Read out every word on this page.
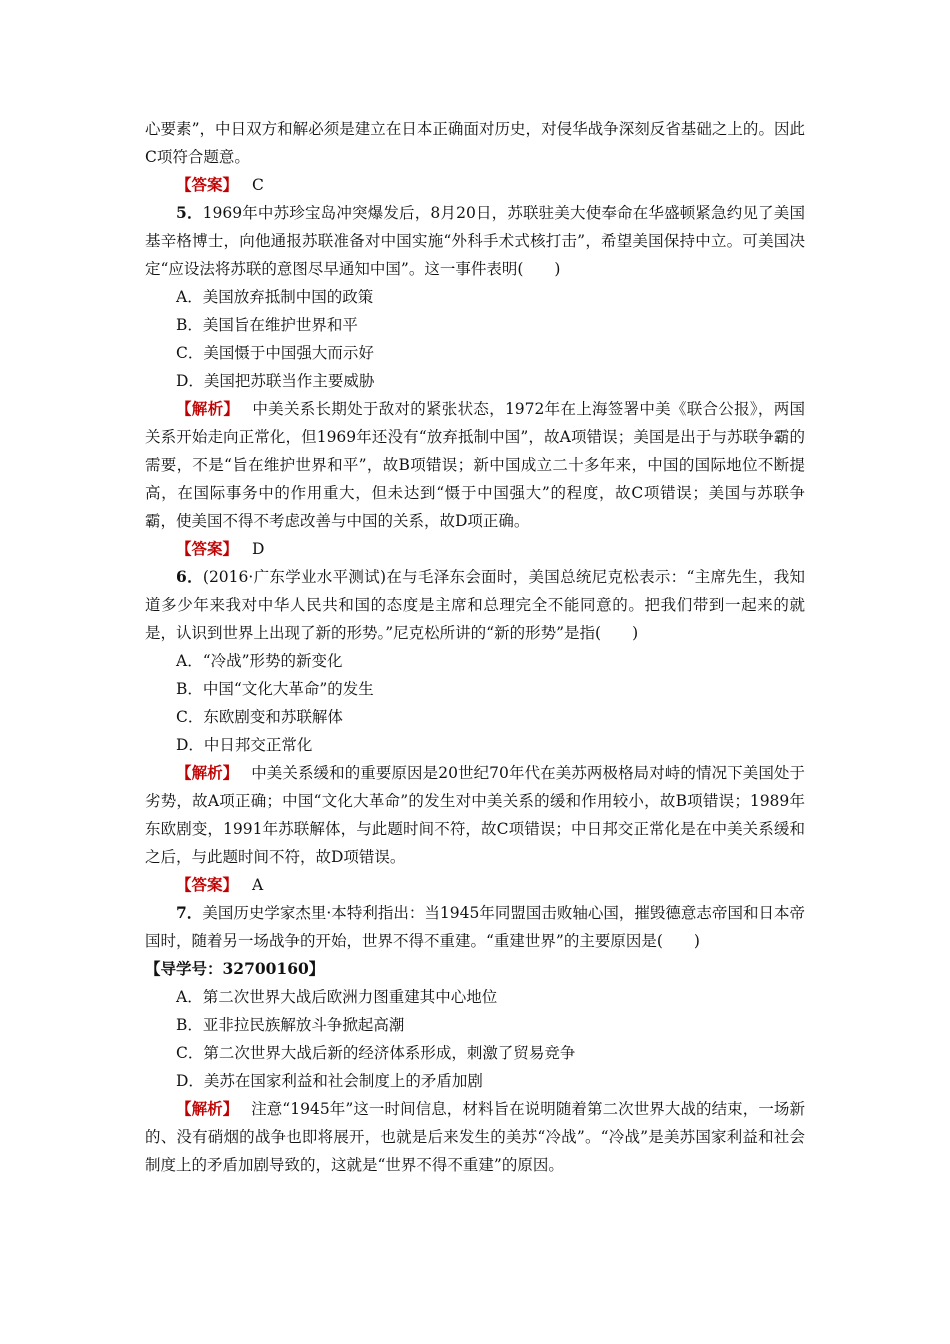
心要素”，中日双方和解必须是建立在日本正确面对历史，对侵华战争深刻反省基础之上的。因此C项符合题意。

【答案】 C

5．1969年中苏珍宝岛冲突爆发后，8月20日，苏联驻美大使奉命在华盛顿紧急约见了美国基辛格博士，向他通报苏联准备对中国实施“外科手术式核打击”，希望美国保持中立。可美国决定“应设法将苏联的意图尽早通知中国”。这一事件表明(　　)

A．美国放弃抵制中国的政策

B．美国旨在维护世界和平

C．美国慑于中国强大而示好

D．美国把苏联当作主要威胁

【解析】　 中美关系长期处于敌对的紧张状态，1972年在上海签署中美《联合公报》，两国关系开始走向正常化，但1969年还没有“放弃抵制中国”，故A项错误；美国是出于与苏联争霸的需要，不是“旨在维护世界和平”，故B项错误；新中国成立二十多年来，中国的国际地位不断提高，在国际事务中的作用重大，但未达到“慑于中国强大”的程度，故C项错误；美国与苏联争霸，使美国不得不考虑改善与中国的关系，故D项正确。

【答案】 D

6．(2016·广东学业水平测试)在与毛泽东会面时，美国总统尼克松表示：“主席先生，我知道多少年来我对中华人民共和国的态度是主席和总理完全不能同意的。把我们带到一起来的就是，认识到世界上出现了新的形势。”尼克松所讲的“新的形势”是指(　　)

A．“冷战”形势的新变化

B．中国“文化大革命”的发生

C．东欧剧变和苏联解体

D．中日邦交正常化

【解析】　 中美关系缓和的重要原因是20世纪70年代在美苏两极格局对峙的情况下美国处于劣势，故A项正确；中国“文化大革命”的发生对中美关系的缓和作用较小，故B项错误；1989年东欧剧变，1991年苏联解体，与此题时间不符，故C项错误；中日邦交正常化是在中美关系缓和之后，与此题时间不符，故D项错误。

【答案】 A

7．美国历史学家杰里·本特利指出：当1945年同盟国击败轴心国，摧毁德意志帝国和日本帝国时，随着另一场战争的开始，世界不得不重建。“重建世界”的主要原因是(　　)

【导学号：32700160】

A．第二次世界大战后欧洲力图重建其中心地位

B．亚非拉民族解放斗争掀起高潮

C．第二次世界大战后新的经济体系形成，刺激了贸易竞争

D．美苏在国家利益和社会制度上的矛盾加剧

【解析】　 注意“1945年”这一时间信息，材料旨在说明随着第二次世界大战的结束，一场新的、没有硝烟的战争也即将展开，也就是后来发生的美苏“冷战”。“冷战”是美苏国家利益和社会制度上的矛盾加剧导致的，这就是“世界不得不重建”的原因。
